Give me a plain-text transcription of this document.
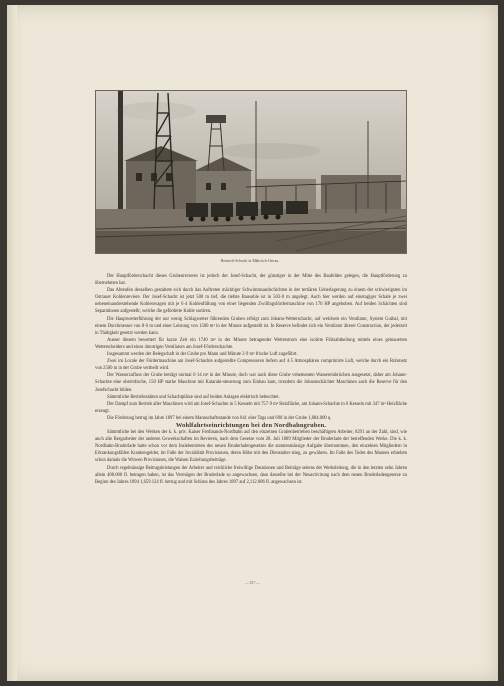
Heinrich-Schacht in Mährisch-Ostrau.

Der Hauptförderschacht dieses Grubenrevieres ist jedoch der Josef-Schacht, der günstiger in der Mitte des Baufeldes gelegen, die Hauptförderung zu übernehmen hat.

Das Abteufen desselben gestaltete sich durch das Auftreten mächtiger Schwimmsandschichten in der tertiären Ueberlagerung zu einem der schwierigsten im Ostrauer Kohlenreviere. Der Josef-Schacht ist jetzt 500 m tief, die tiefste Bausohle ist in 503·8 m angelegt. Auch hier werden auf einetagiger Schale je zwei nebeneinanderstehende Kohlenwagen mit je 6·4 Kohlenfüllung von einer liegenden Zwillingsfördermaschine von 170 HP angehoben. Auf beiden Schächten sind Separationen aufgestellt, welche die geförderte Kohle sortiren.

Die Hauptwetterführung der nur wenig Schlagwetter führenden Gruben erfolgt zum Johann-Wetterschacht, auf welchem ein Ventilator, System Guibal, mit einem Durchmesser von 8·6 m und einer Leistung von 1500 m³ in der Minute aufgestellt ist. In Reserve befindet sich ein Ventilator älterer Construction, der jederzeit in Thätigkeit gesetzt werden kann.

Ausser diesem bewettert für kurze Zeit ein 1740 m³ in der Minute betragender Wetterstrom eine isolirte Flötzabtheilung mittels eines gemauerten Wetterscheiders und eines 4motrigen Ventilators am Josef-Förderschachte.

Insgesammt werden der Belegschaft in der Grube pro Mann und Minute 3·9 m³ frische Luft zugeführt.

Zwei im Locale der Fördermaschine am Josef-Schachte aufgestellte Compressoren liefern auf 4·5 Atmosphären comprimirte Luft, welche durch ein Rohrnetz von 2500 m in der Grube vertheilt wird.

Der Wasserzufluss der Grube beträgt normal 0·14 m³ in der Minute, doch war auch diese Grube vehementen Wassereinbrüchen ausgesetzt, daher am Johann-Schachte eine oberirdische, 150 HP starke Maschine mit Katarakt-steuerung zum Einbau kam, trotzdem die Johannschächter Maschinen auch die Reserve für den Josefschacht bilden.

Sämmtliche Betriebsstätten und Schachtplätze sind auf beiden Anlagen elektrisch beleuchtet.

Der Dampf zum Betrieb aller Maschinen wird am Josef-Schachte in 5 Kesseln mit 757·9 m² Heizfläche, am Johann-Schachte in 6 Kesseln mit 347 m² Heizfläche erzeugt.

Die Förderung betrug im Jahre 1897 bei einem Mannschaftsstande von 641 ober Tags und 690 in der Grube 1,884.000 q.

Wohlfahrtseinrichtungen bei den Nordbahngruben.

Sämmtliche bei den Werken der k. k. priv. Kaiser Ferdinands-Nordbahn auf den einzelnen Grubenbetrieben beschäftigten Arbeiter, 6291 an der Zahl, sind, wie auch alle Bergarbeiter der anderen Gewerkschaften im Revieren, nach dem Gesetze vom 28. Juli 1889 Mitglieder der Bruderlade der betreffenden Werke. Die k. k. Nordbahn-Bruderlade hatte schon vor dem Inslebentreten des neuen Bruderladengesetzes die statutenmässige Aufgabe übernommen, den einzelnen Mitgliedern in Erkrankungsfällen Krankengelder, im Falle der Invalidität Provisionen, deren Höhe mit den Dienstalter stieg, zu gewähren. Im Falle des Todes des Mannes erhielten schon damals die Witwen Provisionen, die Waisen Erziehungsbeiträge.

Durch regelmässige Beitragsleistungen der Arbeiter und reichliche freiwillige Dotationen und Beiträge seitens der Werksleitung, die in den letzten zehn Jahren allein 408.000 fl. betragen haben, ist das Vermögen der Bruderlade so angewachsen, dass dasselbe bei der Neuactivirung nach dem neuen Bruderladengesetze zu Beginn des Jahres 1894 1,659.124 fl. betrug und mit Schluss des Jahres 1897 auf 2,112.086 fl. angewachsen ist.

— 817 —
